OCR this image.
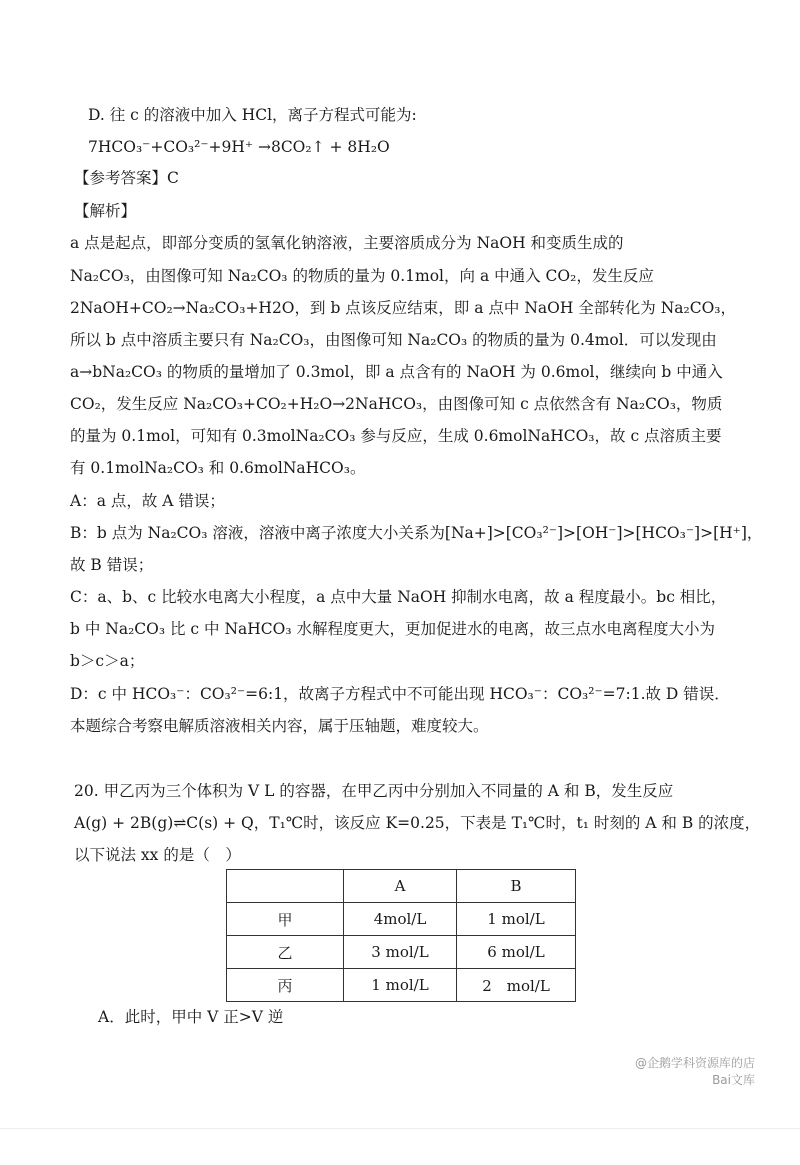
D. 往 c 的溶液中加入 HCl，离子方程式可能为:
7HCO₃⁻+CO₃²⁻+9H⁺ →8CO₂↑ + 8H₂O
【参考答案】C
【解析】
a 点是起点，即部分变质的氢氧化钠溶液，主要溶质成分为 NaOH 和变质生成的
Na₂CO₃，由图像可知 Na₂CO₃ 的物质的量为 0.1mol，向 a 中通入 CO₂，发生反应
2NaOH+CO₂→Na₂CO₃+H2O，到 b 点该反应结束，即 a 点中 NaOH 全部转化为 Na₂CO₃，
所以 b 点中溶质主要只有 Na₂CO₃，由图像可知 Na₂CO₃ 的物质的量为 0.4mol．可以发现由
a→bNa₂CO₃ 的物质的量增加了 0.3mol，即 a 点含有的 NaOH 为 0.6mol，继续向 b 中通入
CO₂，发生反应 Na₂CO₃+CO₂+H₂O→2NaHCO₃，由图像可知 c 点依然含有 Na₂CO₃，物质
的量为 0.1mol，可知有 0.3molNa₂CO₃ 参与反应，生成 0.6molNaHCO₃，故 c 点溶质主要
有 0.1molNa₂CO₃ 和 0.6molNaHCO₃。
A：a 点，故 A 错误；
B：b 点为 Na₂CO₃ 溶液，溶液中离子浓度大小关系为[Na+]>[CO₃²⁻]>[OH⁻]>[HCO₃⁻]>[H⁺]，
故 B 错误；
C：a、b、c 比较水电离大小程度，a 点中大量 NaOH 抑制水电离，故 a 程度最小。bc 相比，
b 中 Na₂CO₃ 比 c 中 NaHCO₃ 水解程度更大，更加促进水的电离，故三点水电离程度大小为
b＞c＞a；
D：c 中 HCO₃⁻：CO₃²⁻=6:1，故离子方程式中不可能出现 HCO₃⁻：CO₃²⁻=7:1.故 D 错误．
本题综合考察电解质溶液相关内容，属于压轴题，难度较大。
20. 甲乙丙为三个体积为 V L 的容器，在甲乙丙中分别加入不同量的 A 和 B，发生反应
A(g) + 2B(g)⇌C(s) + Q，T₁℃时，该反应 K=0.25，下表是 T₁℃时，t₁ 时刻的 A 和 B 的浓度，
以下说法 xx 的是（　）
	A	B
甲	4mol/L	1 mol/L
乙	3 mol/L	6 mol/L
丙	1 mol/L	2　mol/L
A．此时，甲中 V 正>V 逆
@企鹅学科资源库的店
Bai文库
